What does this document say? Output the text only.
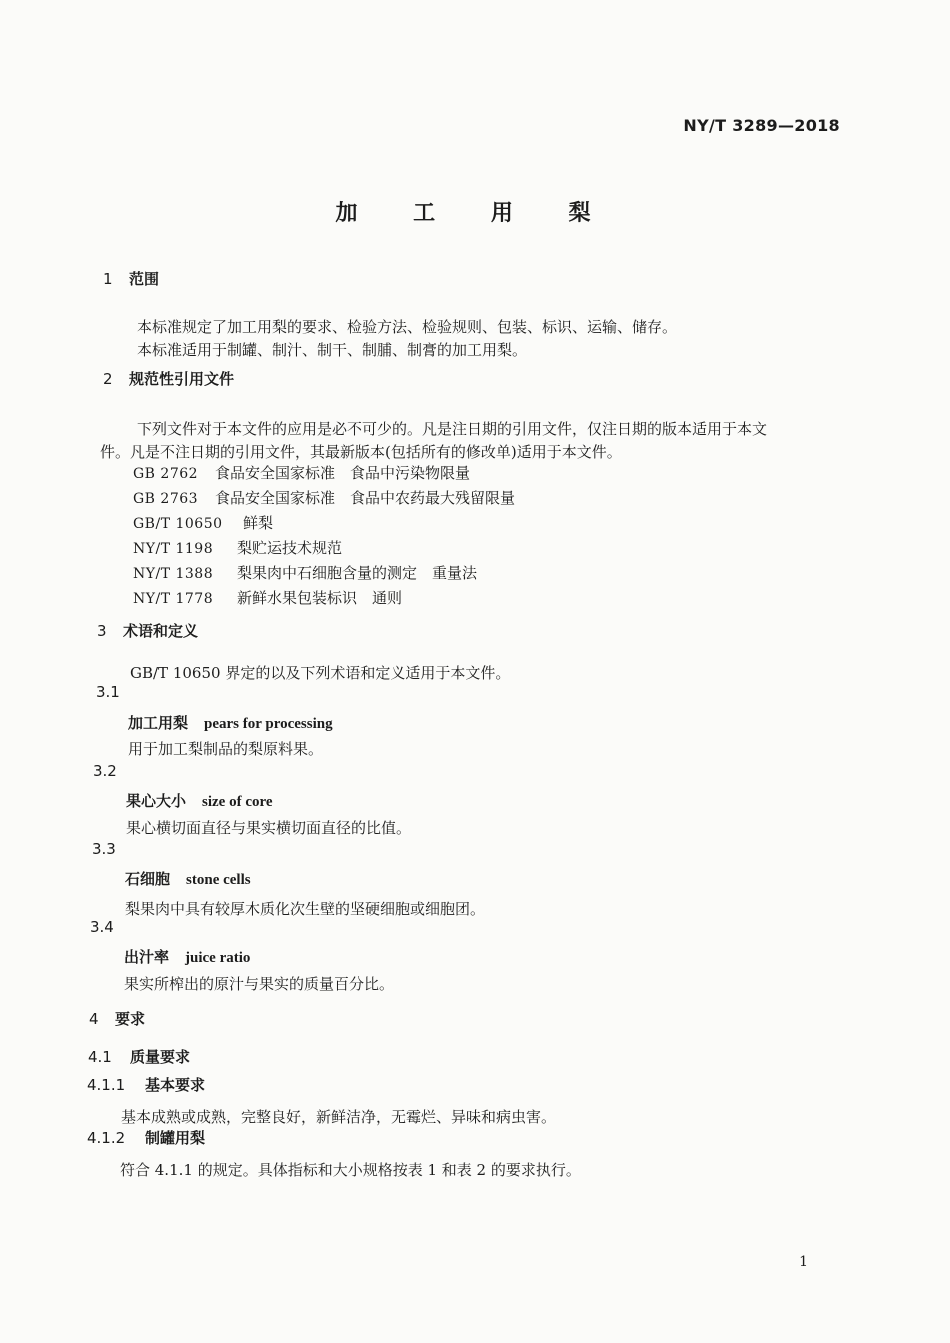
NY/T 3289—2018
加 工 用 梨
1 范围
本标准规定了加工用梨的要求、检验方法、检验规则、包装、标识、运输、储存。
本标准适用于制罐、制汁、制干、制脯、制膏的加工用梨。
2 规范性引用文件
下列文件对于本文件的应用是必不可少的。凡是注日期的引用文件，仅注日期的版本适用于本文
件。凡是不注日期的引用文件，其最新版本(包括所有的修改单)适用于本文件。
GB 2762 食品安全国家标准　食品中污染物限量
GB 2763 食品安全国家标准　食品中农药最大残留限量
GB/T 10650 鲜梨
NY/T 1198 梨贮运技术规范
NY/T 1388 梨果肉中石细胞含量的测定　重量法
NY/T 1778 新鲜水果包装标识　通则
3 术语和定义
GB/T 10650 界定的以及下列术语和定义适用于本文件。
3.1
加工用梨 pears for processing
用于加工梨制品的梨原料果。
3.2
果心大小 size of core
果心横切面直径与果实横切面直径的比值。
3.3
石细胞 stone cells
梨果肉中具有较厚木质化次生壁的坚硬细胞或细胞团。
3.4
出汁率 juice ratio
果实所榨出的原汁与果实的质量百分比。
4 要求
4.1 质量要求
4.1.1 基本要求
基本成熟或成熟，完整良好，新鲜洁净，无霉烂、异味和病虫害。
4.1.2 制罐用梨
符合 4.1.1 的规定。具体指标和大小规格按表 1 和表 2 的要求执行。
1
